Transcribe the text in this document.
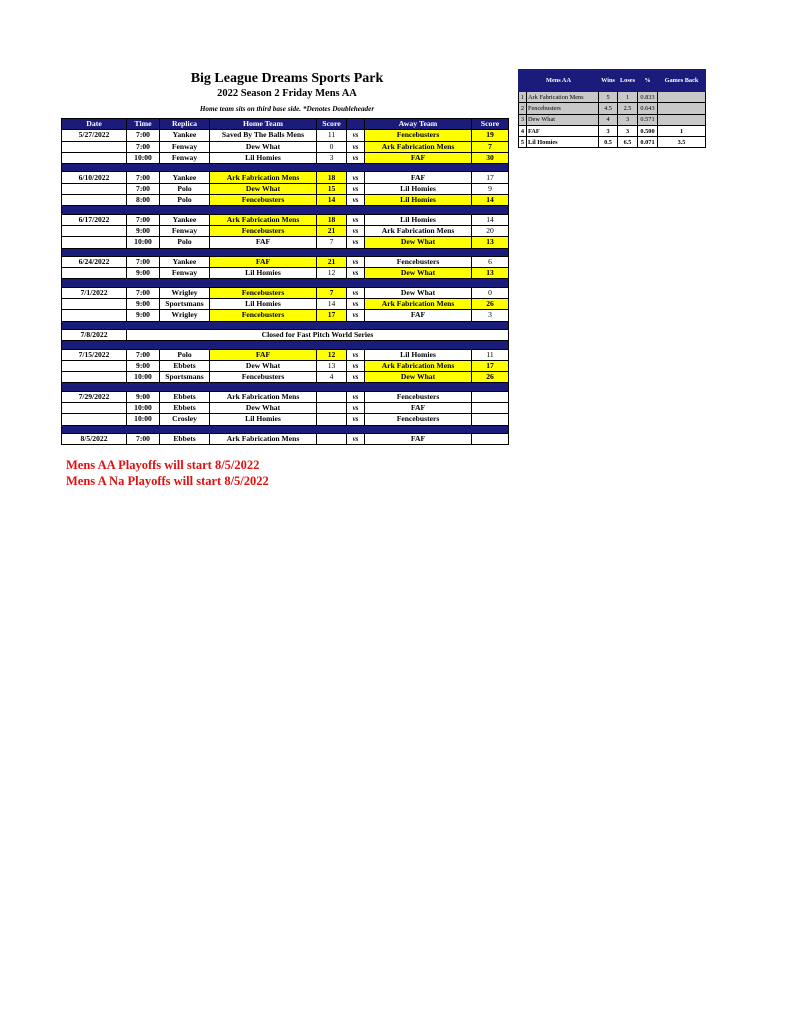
Big League Dreams Sports Park
2022 Season 2 Friday Mens AA
Home team sits on third base side. *Denotes Doubleheader
Date	Time	Replica	Home Team	Score		Away Team	Score
5/27/2022	7:00	Yankee	Saved By The Balls Mens	11	vs	Fencebusters	19
	7:00	Fenway	Dew What	0	vs	Ark Fabrication Mens	7
	10:00	Fenway	Lil Homies	3	vs	FAF	30

6/10/2022	7:00	Yankee	Ark Fabrication Mens	18	vs	FAF	17
	7:00	Polo	Dew What	15	vs	Lil Homies	9
	8:00	Polo	Fencebusters	14	vs	Lil Homies	14

6/17/2022	7:00	Yankee	Ark Fabrication Mens	18	vs	Lil Homies	14
	9:00	Fenway	Fencebusters	21	vs	Ark Fabrication Mens	20
	10:00	Polo	FAF	7	vs	Dew What	13

6/24/2022	7:00	Yankee	FAF	21	vs	Fencebusters	6
	9:00	Fenway	Lil Homies	12	vs	Dew What	13

7/1/2022	7:00	Wrigley	Fencebusters	7	vs	Dew What	0
	9:00	Sportsmans	Lil Homies	14	vs	Ark Fabrication Mens	26
	9:00	Wrigley	Fencebusters	17	vs	FAF	3

7/8/2022	Closed for Fast Pitch World Series						

7/15/2022	7:00	Polo	FAF	12	vs	Lil Homies	11
	9:00	Ebbets	Dew What	13	vs	Ark Fabrication Mens	17
	10:00	Sportsmans	Fencebusters	4	vs	Dew What	26

7/29/2022	9:00	Ebbets	Ark Fabrication Mens		vs	Fencebusters	
	10:00	Ebbets	Dew What		vs	FAF	
	10:00	Crosley	Lil Homies		vs	Fencebusters	

8/5/2022	7:00	Ebbets	Ark Fabrication Mens		vs	FAF	
Mens AA		Wins	Loses	%	Games Back
1	Ark Fabrication Mens	5	1	0.833	
2	Fencebusters	4.5	2.5	0.643	
3	Dew What	4	3	0.571	
4	FAF	3	3	0.500	1
5	Lil Homies	0.5	6.5	0.071	3.5
Mens AA Playoffs will start 8/5/2022
Mens A Na Playoffs will start 8/5/2022
